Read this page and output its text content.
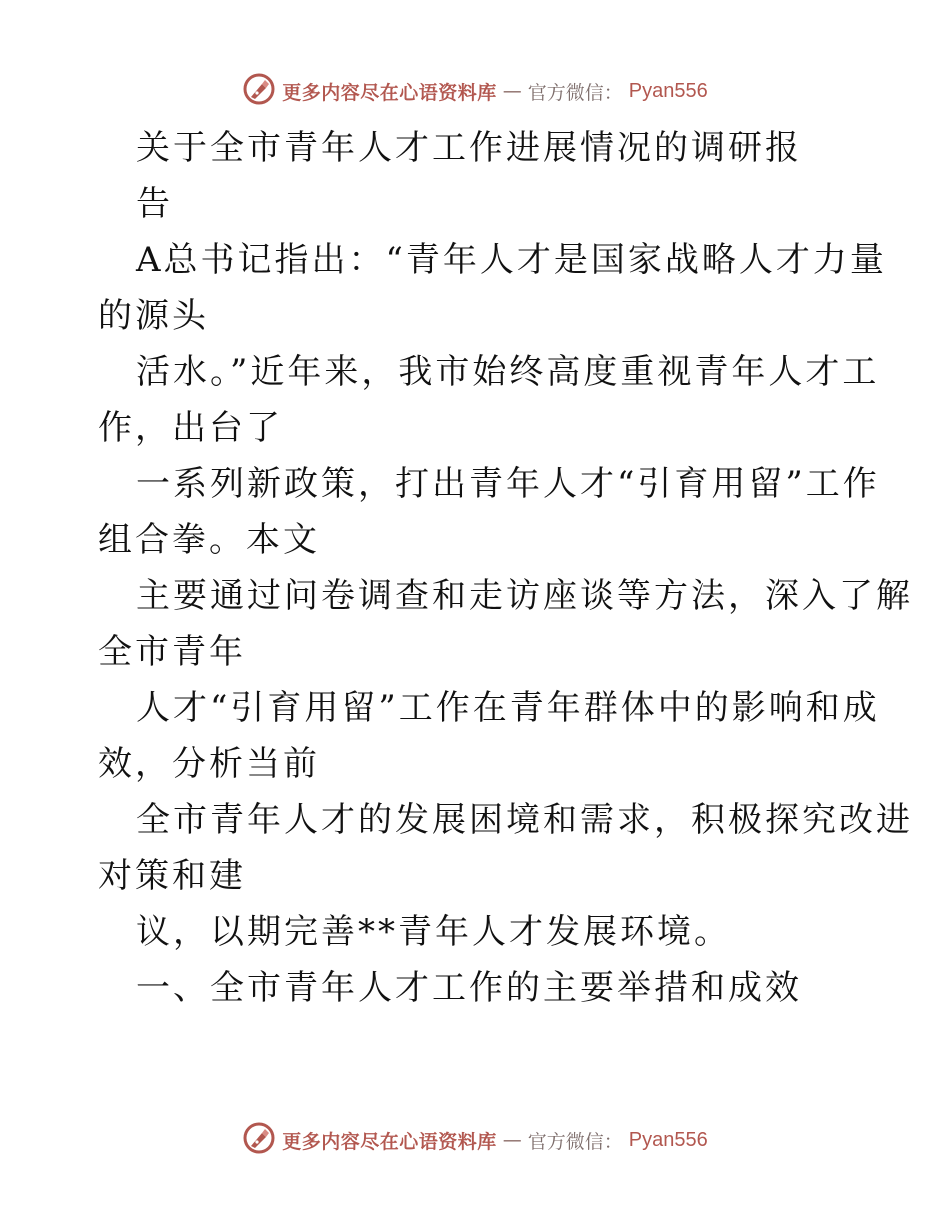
更多内容尽在心语资料库 — 官方微信： Pyan556
关于全市青年人才工作进展情况的调研报
告
A总书记指出：“青年人才是国家战略人才力量
的源头
活水。”近年来，我市始终高度重视青年人才工
作，出台了
一系列新政策，打出青年人才“引育用留”工作
组合拳。本文
主要通过问卷调查和走访座谈等方法，深入了解
全市青年
人才“引育用留”工作在青年群体中的影响和成
效，分析当前
全市青年人才的发展困境和需求，积极探究改进
对策和建
议，以期完善**青年人才发展环境。
一、全市青年人才工作的主要举措和成效
更多内容尽在心语资料库 — 官方微信： Pyan556
